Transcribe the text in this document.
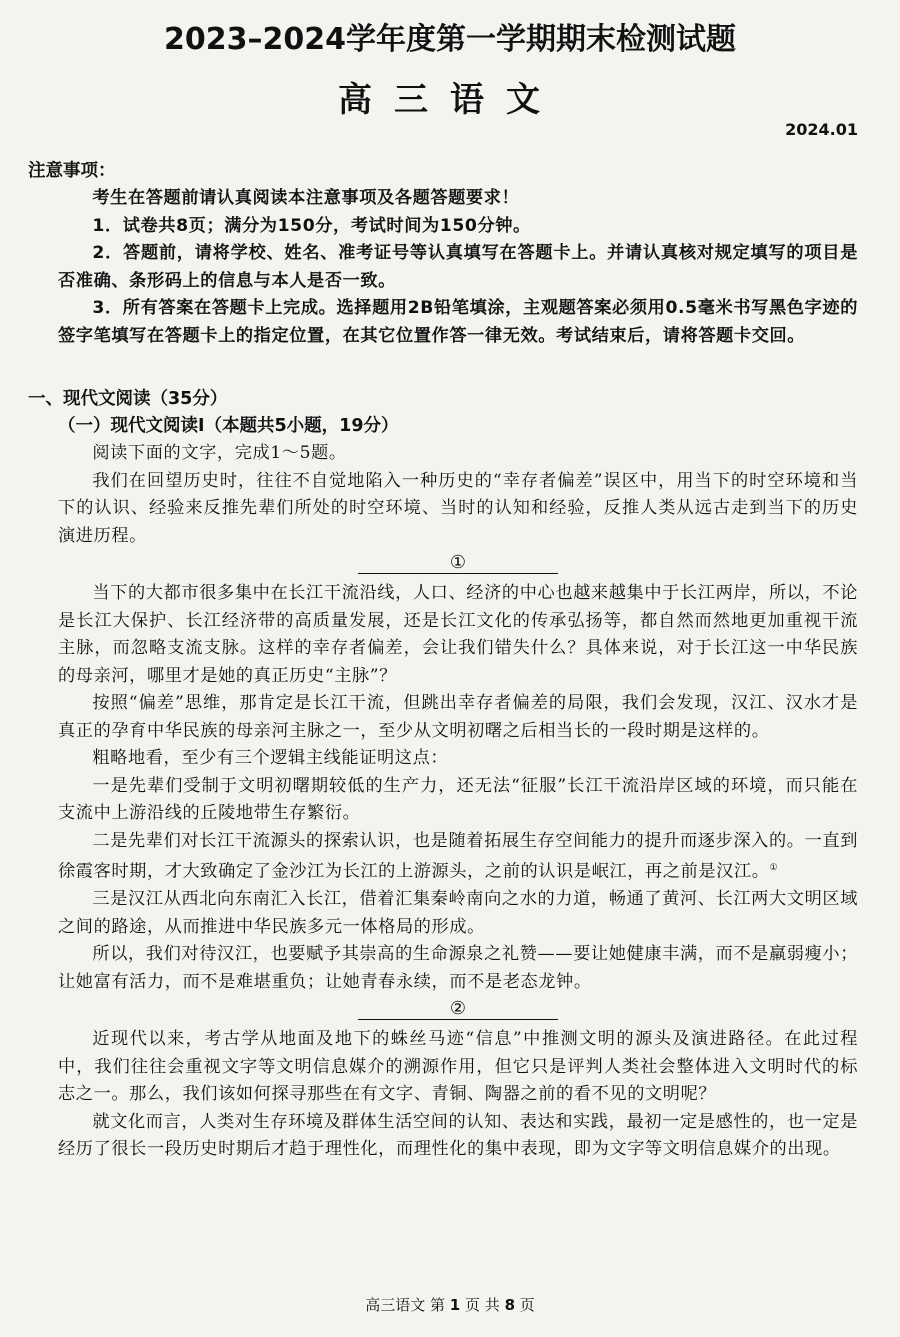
2023–2024学年度第一学期期末检测试题
高三语文
2024.01

注意事项：

考生在答题前请认真阅读本注意事项及各题答题要求！

1．试卷共8页；满分为150分，考试时间为150分钟。

2．答题前，请将学校、姓名、准考证号等认真填写在答题卡上。并请认真核对规定填写的项目是否准确、条形码上的信息与本人是否一致。

3．所有答案在答题卡上完成。选择题用2B铅笔填涂，主观题答案必须用0.5毫米书写黑色字迹的签字笔填写在答题卡上的指定位置，在其它位置作答一律无效。考试结束后，请将答题卡交回。

一、现代文阅读（35分）

（一）现代文阅读Ⅰ（本题共5小题，19分）

阅读下面的文字，完成1～5题。

我们在回望历史时，往往不自觉地陷入一种历史的“幸存者偏差”误区中，用当下的时空环境和当下的认识、经验来反推先辈们所处的时空环境、当时的认知和经验，反推人类从远古走到当下的历史演进历程。

①

当下的大都市很多集中在长江干流沿线，人口、经济的中心也越来越集中于长江两岸，所以，不论是长江大保护、长江经济带的高质量发展，还是长江文化的传承弘扬等，都自然而然地更加重视干流主脉，而忽略支流支脉。这样的幸存者偏差，会让我们错失什么？具体来说，对于长江这一中华民族的母亲河，哪里才是她的真正历史“主脉”？

按照“偏差”思维，那肯定是长江干流，但跳出幸存者偏差的局限，我们会发现，汉江、汉水才是真正的孕育中华民族的母亲河主脉之一，至少从文明初曙之后相当长的一段时期是这样的。

粗略地看，至少有三个逻辑主线能证明这点：

一是先辈们受制于文明初曙期较低的生产力，还无法“征服”长江干流沿岸区域的环境，而只能在支流中上游沿线的丘陵地带生存繁衍。

二是先辈们对长江干流源头的探索认识，也是随着拓展生存空间能力的提升而逐步深入的。一直到徐霞客时期，才大致确定了金沙江为长江的上游源头，之前的认识是岷江，再之前是汉江。①

三是汉江从西北向东南汇入长江，借着汇集秦岭南向之水的力道，畅通了黄河、长江两大文明区域之间的路途，从而推进中华民族多元一体格局的形成。

所以，我们对待汉江，也要赋予其崇高的生命源泉之礼赞——要让她健康丰满，而不是羸弱瘦小；让她富有活力，而不是难堪重负；让她青春永续，而不是老态龙钟。

②

近现代以来，考古学从地面及地下的蛛丝马迹“信息”中推测文明的源头及演进路径。在此过程中，我们往往会重视文字等文明信息媒介的溯源作用，但它只是评判人类社会整体进入文明时代的标志之一。那么，我们该如何探寻那些在有文字、青铜、陶器之前的看不见的文明呢？

就文化而言，人类对生存环境及群体生活空间的认知、表达和实践，最初一定是感性的，也一定是经历了很长一段历史时期后才趋于理性化，而理性化的集中表现，即为文字等文明信息媒介的出现。

高三语文 第 1 页 共 8 页
